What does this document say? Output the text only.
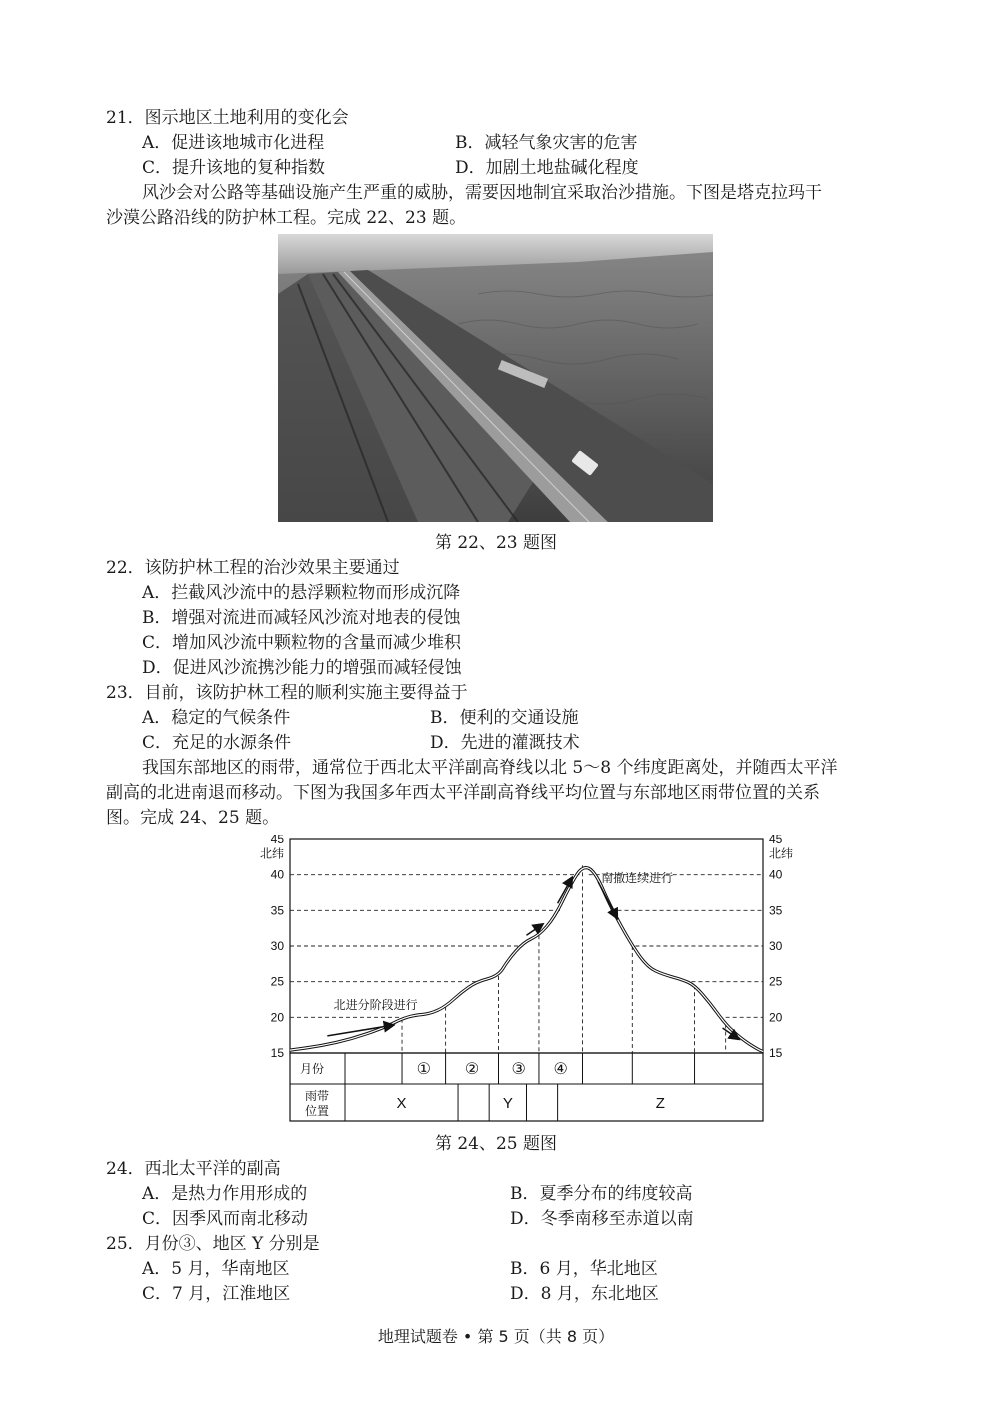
21．图示地区土地利用的变化会
A．促进该地城市化进程	B．减轻气象灾害的危害
C．提升该地的复种指数	D．加剧土地盐碱化程度
风沙会对公路等基础设施产生严重的威胁，需要因地制宜采取治沙措施。下图是塔克拉玛干
沙漠公路沿线的防护林工程。完成 22、23 题。
第 22、23 题图
22．该防护林工程的治沙效果主要通过
A．拦截风沙流中的悬浮颗粒物而形成沉降
B．增强对流进而减轻风沙流对地表的侵蚀
C．增加风沙流中颗粒物的含量而减少堆积
D．促进风沙流携沙能力的增强而减轻侵蚀
23．目前，该防护林工程的顺利实施主要得益于
A．稳定的气候条件	B．便利的交通设施
C．充足的水源条件	D．先进的灌溉技术
我国东部地区的雨带，通常位于西北太平洋副高脊线以北 5～8 个纬度距离处，并随西太平洋
副高的北进南退而移动。下图为我国多年西太平洋副高脊线平均位置与东部地区雨带位置的关系
图。完成 24、25 题。
月份	① ② ③ ④
雨带
位置	X	Y	Z
15	15
20	20
25	25
30	30
35	35
40	40
45	45
北纬	北纬
北进分阶段进行
南撤连续进行
第 24、25 题图
24．西北太平洋的副高
A．是热力作用形成的	B．夏季分布的纬度较高
C．因季风而南北移动	D．冬季南移至赤道以南
25．月份③、地区 Y 分别是
A．5 月，华南地区	B．6 月，华北地区
C．7 月，江淮地区	D．8 月，东北地区
地理试题卷 • 第 5 页（共 8 页）
